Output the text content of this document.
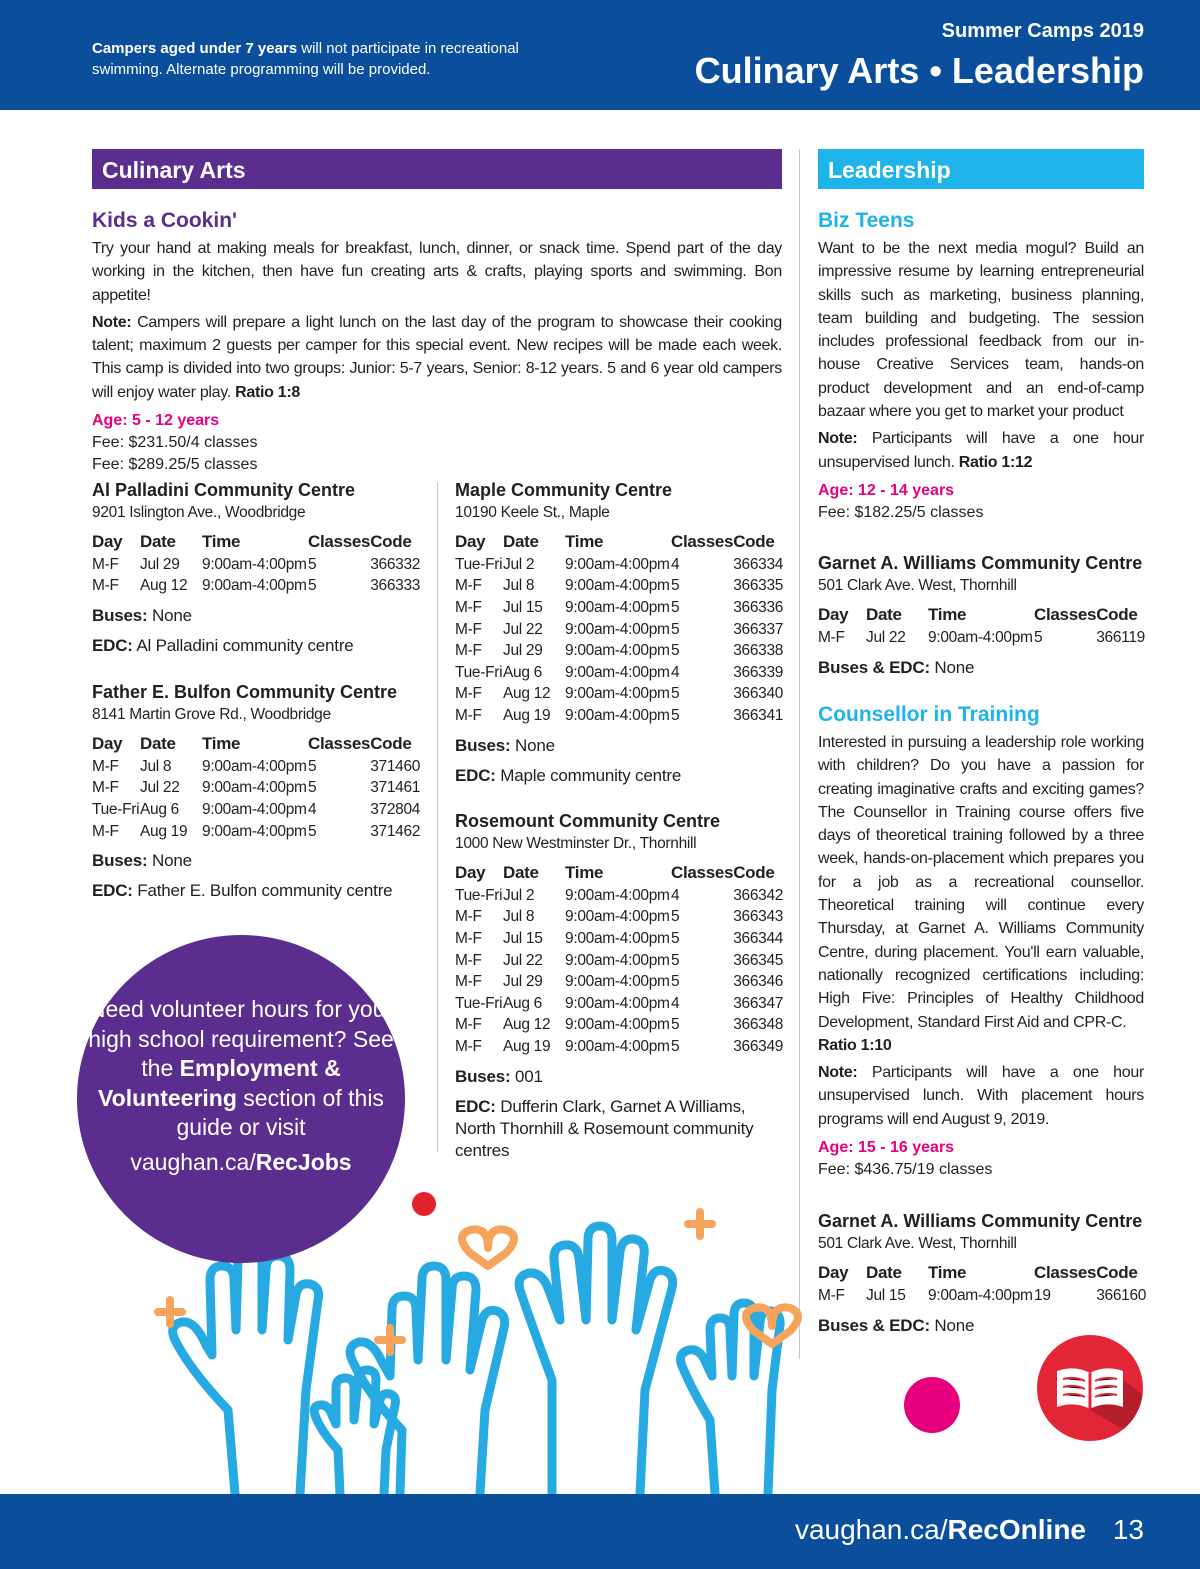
Campers aged under 7 years will not participate in recreational swimming. Alternate programming will be provided.
Summer Camps 2019
Culinary Arts • Leadership
Culinary Arts	Leadership
Kids a Cookin'
Try your hand at making meals for breakfast, lunch, dinner, or snack time. Spend part of the day working in the kitchen, then have fun creating arts & crafts, playing sports and swimming. Bon appetite!
Note: Campers will prepare a light lunch on the last day of the program to showcase their cooking talent; maximum 2 guests per camper for this special event. New recipes will be made each week. This camp is divided into two groups: Junior: 5-7 years, Senior: 8-12 years. 5 and 6 year old campers will enjoy water play. Ratio 1:8
Age: 5 - 12 years
Fee: $231.50/4 classes
Fee: $289.25/5 classes
Al Palladini Community Centre
9201 Islington Ave., Woodbridge
Day	Date	Time	Classes	Code
M-F	Jul 29	9:00am-4:00pm	5	366332
M-F	Aug 12	9:00am-4:00pm	5	366333
Buses: None
EDC: Al Palladini community centre
Father E. Bulfon Community Centre
8141 Martin Grove Rd., Woodbridge
Day	Date	Time	Classes	Code
M-F	Jul 8	9:00am-4:00pm	5	371460
M-F	Jul 22	9:00am-4:00pm	5	371461
Tue-Fri	Aug 6	9:00am-4:00pm	4	372804
M-F	Aug 19	9:00am-4:00pm	5	371462
Buses: None
EDC: Father E. Bulfon community centre
Maple Community Centre
10190 Keele St., Maple
Day	Date	Time	Classes	Code
Tue-Fri	Jul 2	9:00am-4:00pm	4	366334
M-F	Jul 8	9:00am-4:00pm	5	366335
M-F	Jul 15	9:00am-4:00pm	5	366336
M-F	Jul 22	9:00am-4:00pm	5	366337
M-F	Jul 29	9:00am-4:00pm	5	366338
Tue-Fri	Aug 6	9:00am-4:00pm	4	366339
M-F	Aug 12	9:00am-4:00pm	5	366340
M-F	Aug 19	9:00am-4:00pm	5	366341
Buses: None
EDC: Maple community centre
Rosemount Community Centre
1000 New Westminster Dr., Thornhill
Day	Date	Time	Classes	Code
Tue-Fri	Jul 2	9:00am-4:00pm	4	366342
M-F	Jul 8	9:00am-4:00pm	5	366343
M-F	Jul 15	9:00am-4:00pm	5	366344
M-F	Jul 22	9:00am-4:00pm	5	366345
M-F	Jul 29	9:00am-4:00pm	5	366346
Tue-Fri	Aug 6	9:00am-4:00pm	4	366347
M-F	Aug 12	9:00am-4:00pm	5	366348
M-F	Aug 19	9:00am-4:00pm	5	366349
Buses: 001
EDC: Dufferin Clark, Garnet A Williams, North Thornhill & Rosemount community centres
Biz Teens
Want to be the next media mogul? Build an impressive resume by learning entrepreneurial skills such as marketing, business planning, team building and budgeting. The session includes professional feedback from our in-house Creative Services team, hands-on product development and an end-of-camp bazaar where you get to market your product
Note: Participants will have a one hour unsupervised lunch. Ratio 1:12
Age: 12 - 14 years
Fee: $182.25/5 classes
Garnet A. Williams Community Centre
501 Clark Ave. West, Thornhill
Day	Date	Time	Classes	Code
M-F	Jul 22	9:00am-4:00pm	5	366119
Buses & EDC: None
Counsellor in Training
Interested in pursuing a leadership role working with children? Do you have a passion for creating imaginative crafts and exciting games? The Counsellor in Training course offers five days of theoretical training followed by a three week, hands-on-placement which prepares you for a job as a recreational counsellor. Theoretical training will continue every Thursday, at Garnet A. Williams Community Centre, during placement. You'll earn valuable, nationally recognized certifications including: High Five: Principles of Healthy Childhood Development, Standard First Aid and CPR-C.
Ratio 1:10
Note: Participants will have a one hour unsupervised lunch. With placement hours programs will end August 9, 2019.
Age: 15 - 16 years
Fee: $436.75/19 classes
Garnet A. Williams Community Centre
501 Clark Ave. West, Thornhill
Day	Date	Time	Classes	Code
M-F	Jul 15	9:00am-4:00pm	19	366160
Buses & EDC: None
Need volunteer hours for your high school requirement? See the Employment & Volunteering section of this guide or visit
vaughan.ca/RecJobs
vaughan.ca/RecOnline 13
